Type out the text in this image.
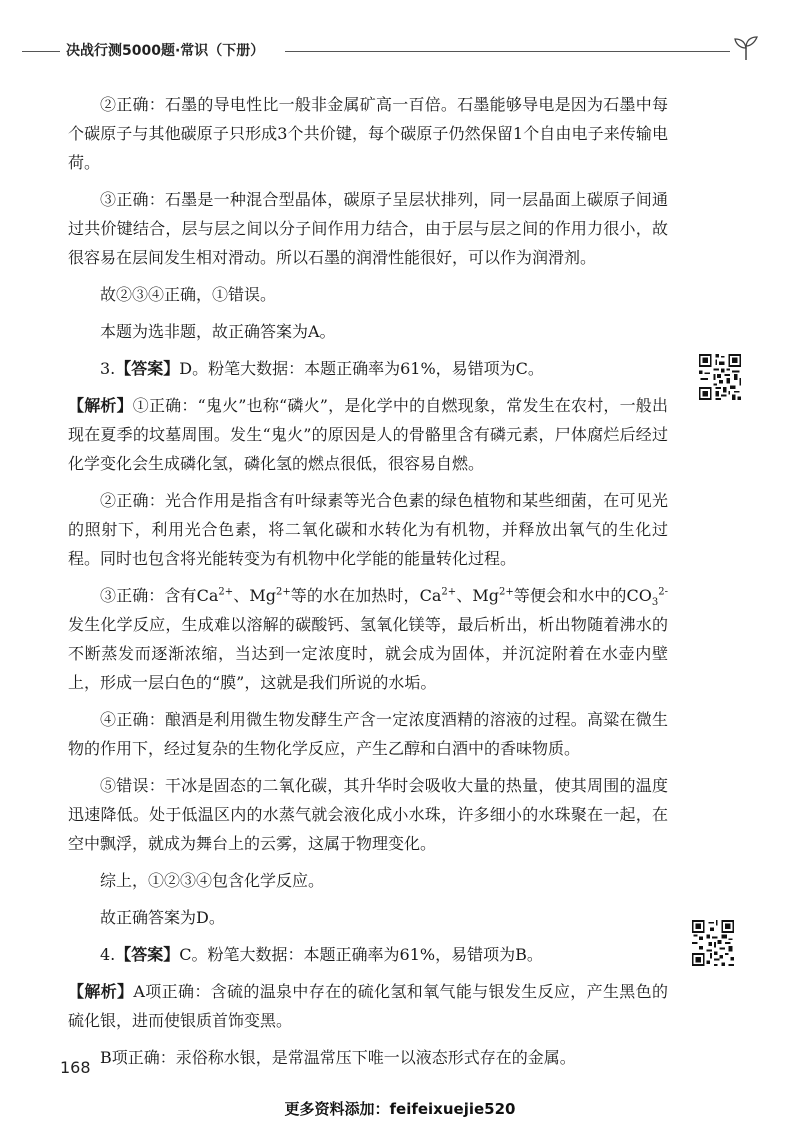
决战行测5000题·常识（下册）

②正确：石墨的导电性比一般非金属矿高一百倍。石墨能够导电是因为石墨中每个碳原子与其他碳原子只形成3个共价键，每个碳原子仍然保留1个自由电子来传输电荷。

③正确：石墨是一种混合型晶体，碳原子呈层状排列，同一层晶面上碳原子间通过共价键结合，层与层之间以分子间作用力结合，由于层与层之间的作用力很小，故很容易在层间发生相对滑动。所以石墨的润滑性能很好，可以作为润滑剂。

故②③④正确，①错误。

本题为选非题，故正确答案为A。

3.【答案】D。粉笔大数据：本题正确率为61%，易错项为C。

【解析】①正确：“鬼火”也称“磷火”，是化学中的自燃现象，常发生在农村，一般出现在夏季的坟墓周围。发生“鬼火”的原因是人的骨骼里含有磷元素，尸体腐烂后经过化学变化会生成磷化氢，磷化氢的燃点很低，很容易自燃。

②正确：光合作用是指含有叶绿素等光合色素的绿色植物和某些细菌，在可见光的照射下，利用光合色素，将二氧化碳和水转化为有机物，并释放出氧气的生化过程。同时也包含将光能转变为有机物中化学能的能量转化过程。

③正确：含有$Ca^{2+}$、$Mg^{2+}$等的水在加热时，$Ca^{2+}$、$Mg^{2+}$等便会和水中的$CO_3^{2-}$发生化学反应，生成难以溶解的碳酸钙、氢氧化镁等，最后析出，析出物随着沸水的不断蒸发而逐渐浓缩，当达到一定浓度时，就会成为固体，并沉淀附着在水壶内壁上，形成一层白色的“膜”，这就是我们所说的水垢。

④正确：酿酒是利用微生物发酵生产含一定浓度酒精的溶液的过程。高粱在微生物的作用下，经过复杂的生物化学反应，产生乙醇和白酒中的香味物质。

⑤错误：干冰是固态的二氧化碳，其升华时会吸收大量的热量，使其周围的温度迅速降低。处于低温区内的水蒸气就会液化成小水珠，许多细小的水珠聚在一起，在空中飘浮，就成为舞台上的云雾，这属于物理变化。

综上，①②③④包含化学反应。

故正确答案为D。

4.【答案】C。粉笔大数据：本题正确率为61%，易错项为B。

【解析】A项正确：含硫的温泉中存在的硫化氢和氧气能与银发生反应，产生黑色的硫化银，进而使银质首饰变黑。

B项正确：汞俗称水银，是常温常压下唯一以液态形式存在的金属。

168
更多资料添加：feifeixuejie520
